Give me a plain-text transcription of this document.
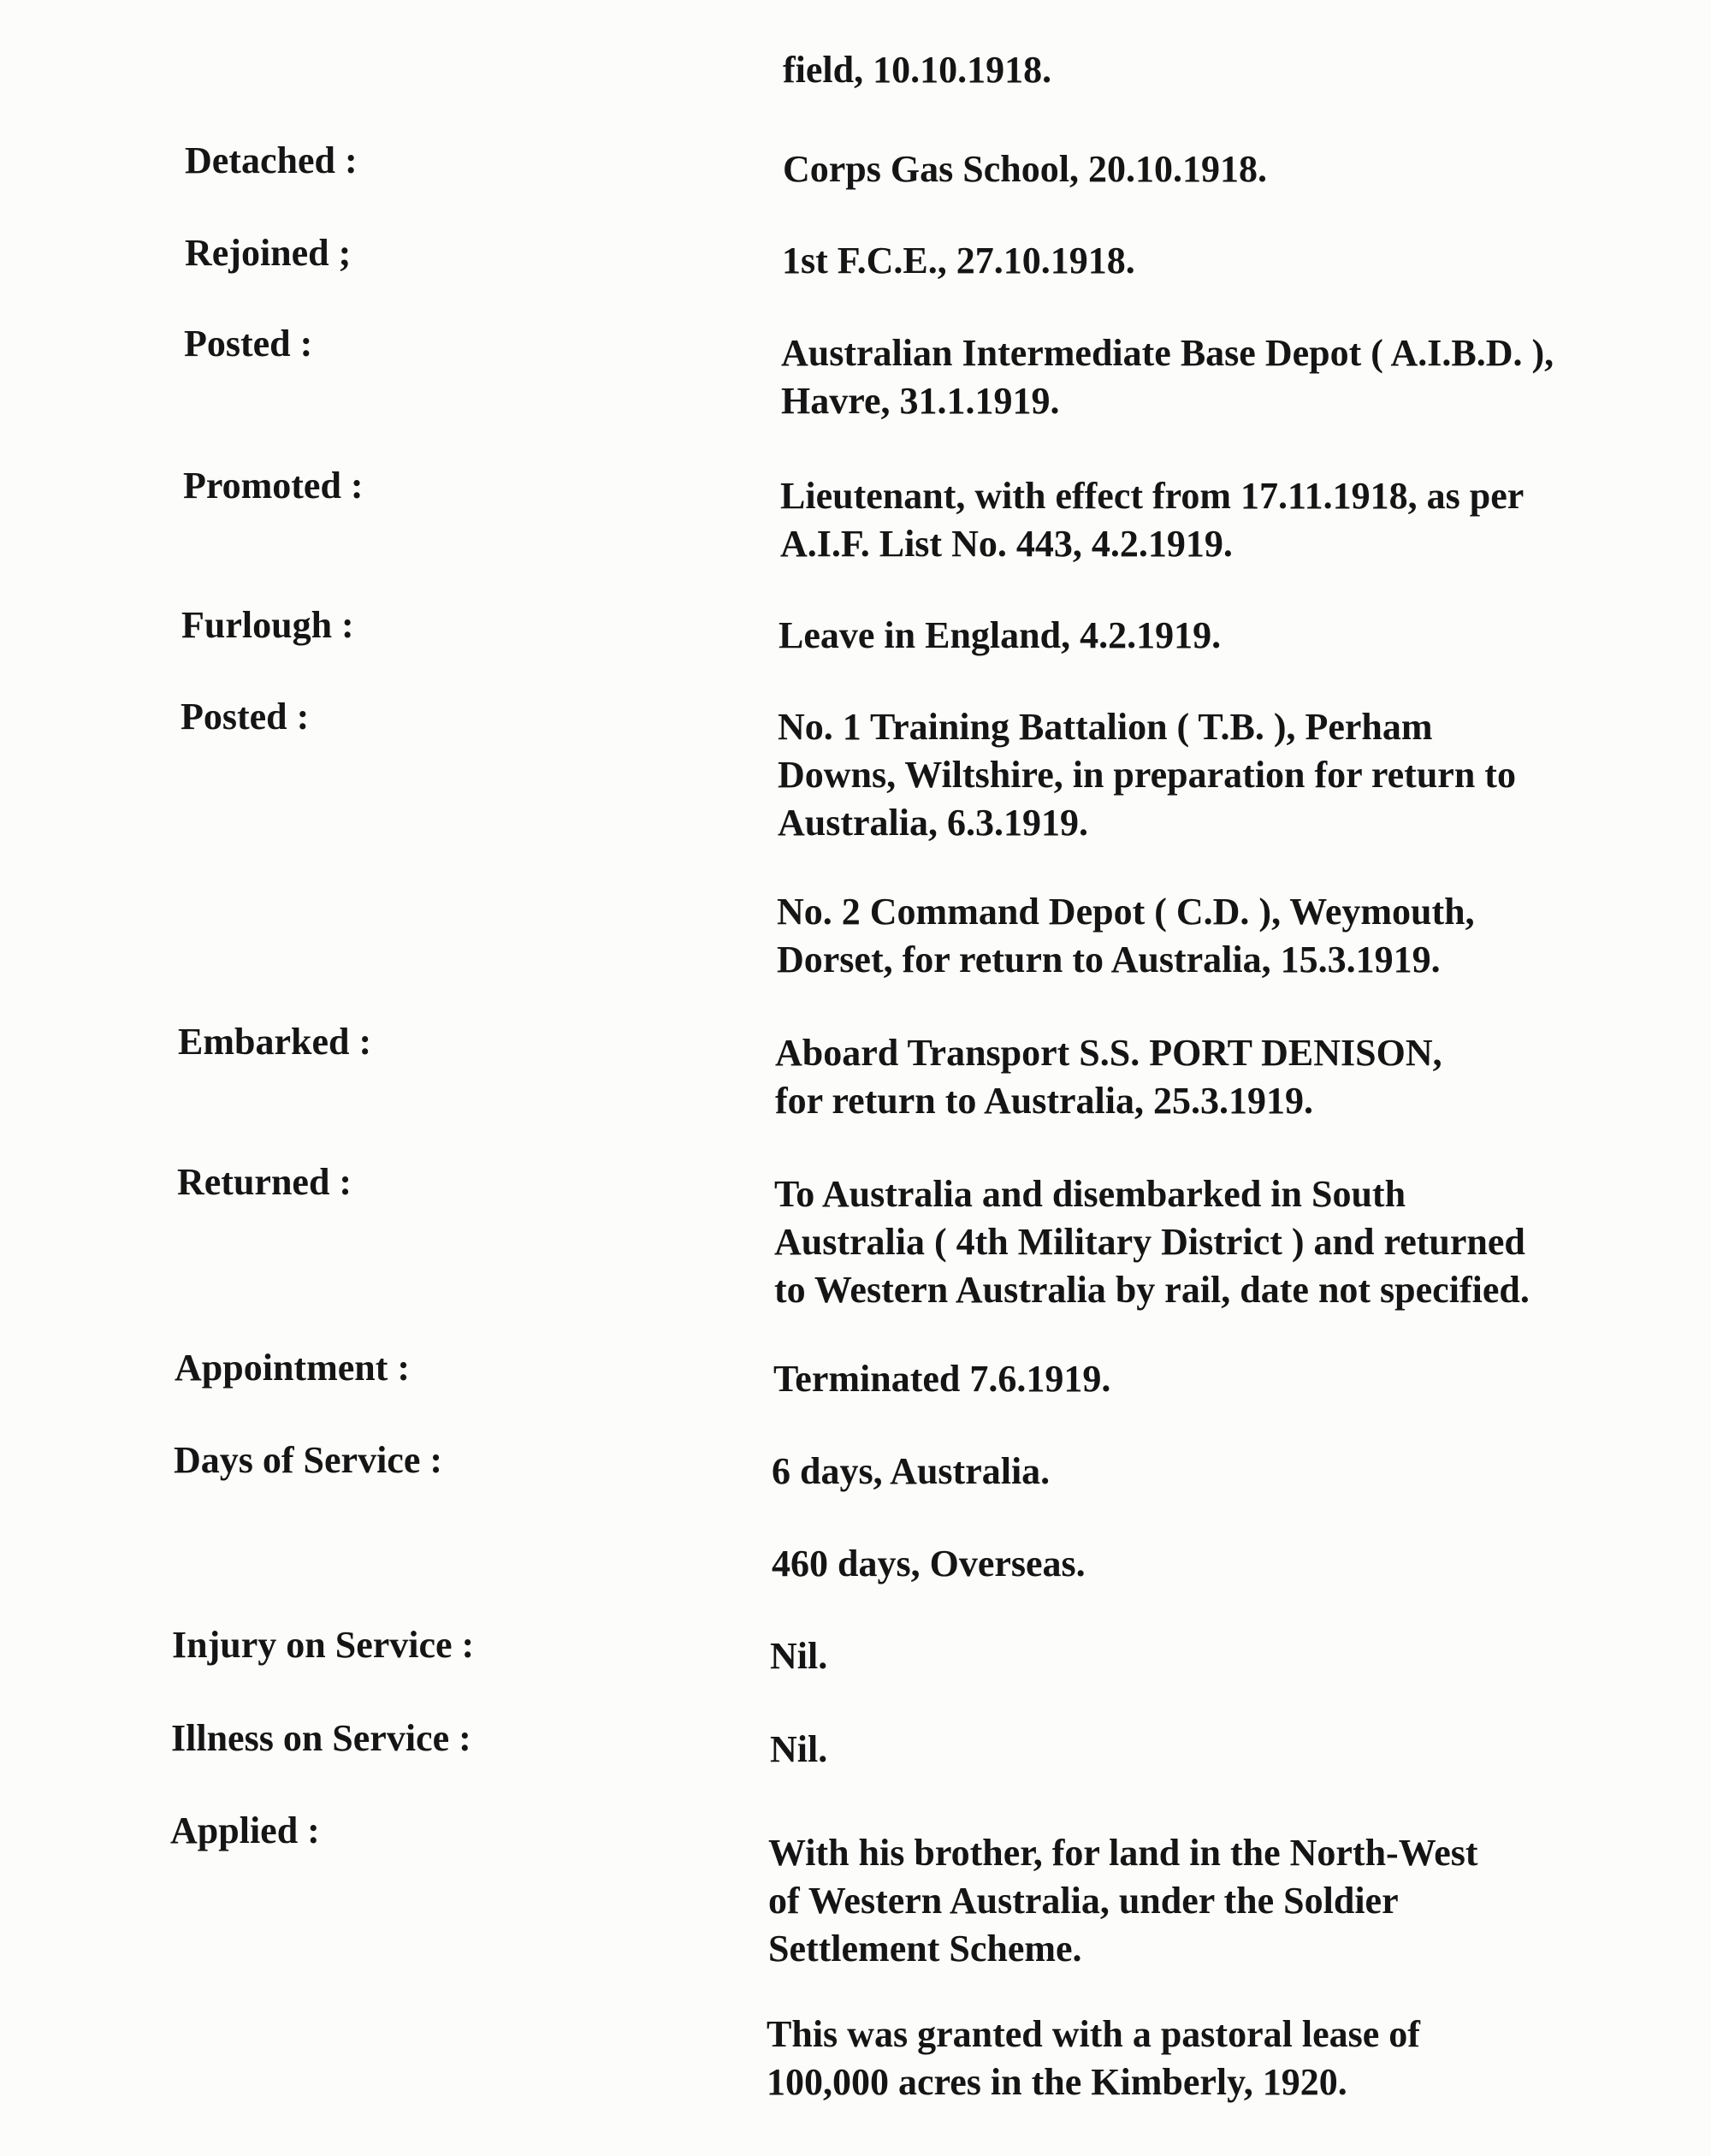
field, 10.10.1918.
Detached :	Corps Gas School, 20.10.1918.
Rejoined ;	1st F.C.E., 27.10.1918.
Posted :	Australian Intermediate Base Depot ( A.I.B.D. ),
Havre, 31.1.1919.
Promoted :	Lieutenant, with effect from 17.11.1918, as per
A.I.F. List No. 443, 4.2.1919.
Furlough :	Leave in England, 4.2.1919.
Posted :	No. 1 Training Battalion ( T.B. ), Perham
Downs, Wiltshire, in preparation for return to
Australia, 6.3.1919.
No. 2 Command Depot ( C.D. ), Weymouth,
Dorset, for return to Australia, 15.3.1919.
Embarked :	Aboard Transport S.S. PORT DENISON,
for return to Australia, 25.3.1919.
Returned :	To Australia and disembarked in South
Australia ( 4th Military District ) and returned
to Western Australia by rail, date not specified.
Appointment :	Terminated 7.6.1919.
Days of Service :	6 days, Australia.
460 days, Overseas.
Injury on Service :	Nil.
Illness on Service :	Nil.
Applied :
With his brother, for land in the North-West
of Western Australia, under the Soldier
Settlement Scheme.
This was granted with a pastoral lease of
100,000 acres in the Kimberly, 1920.
